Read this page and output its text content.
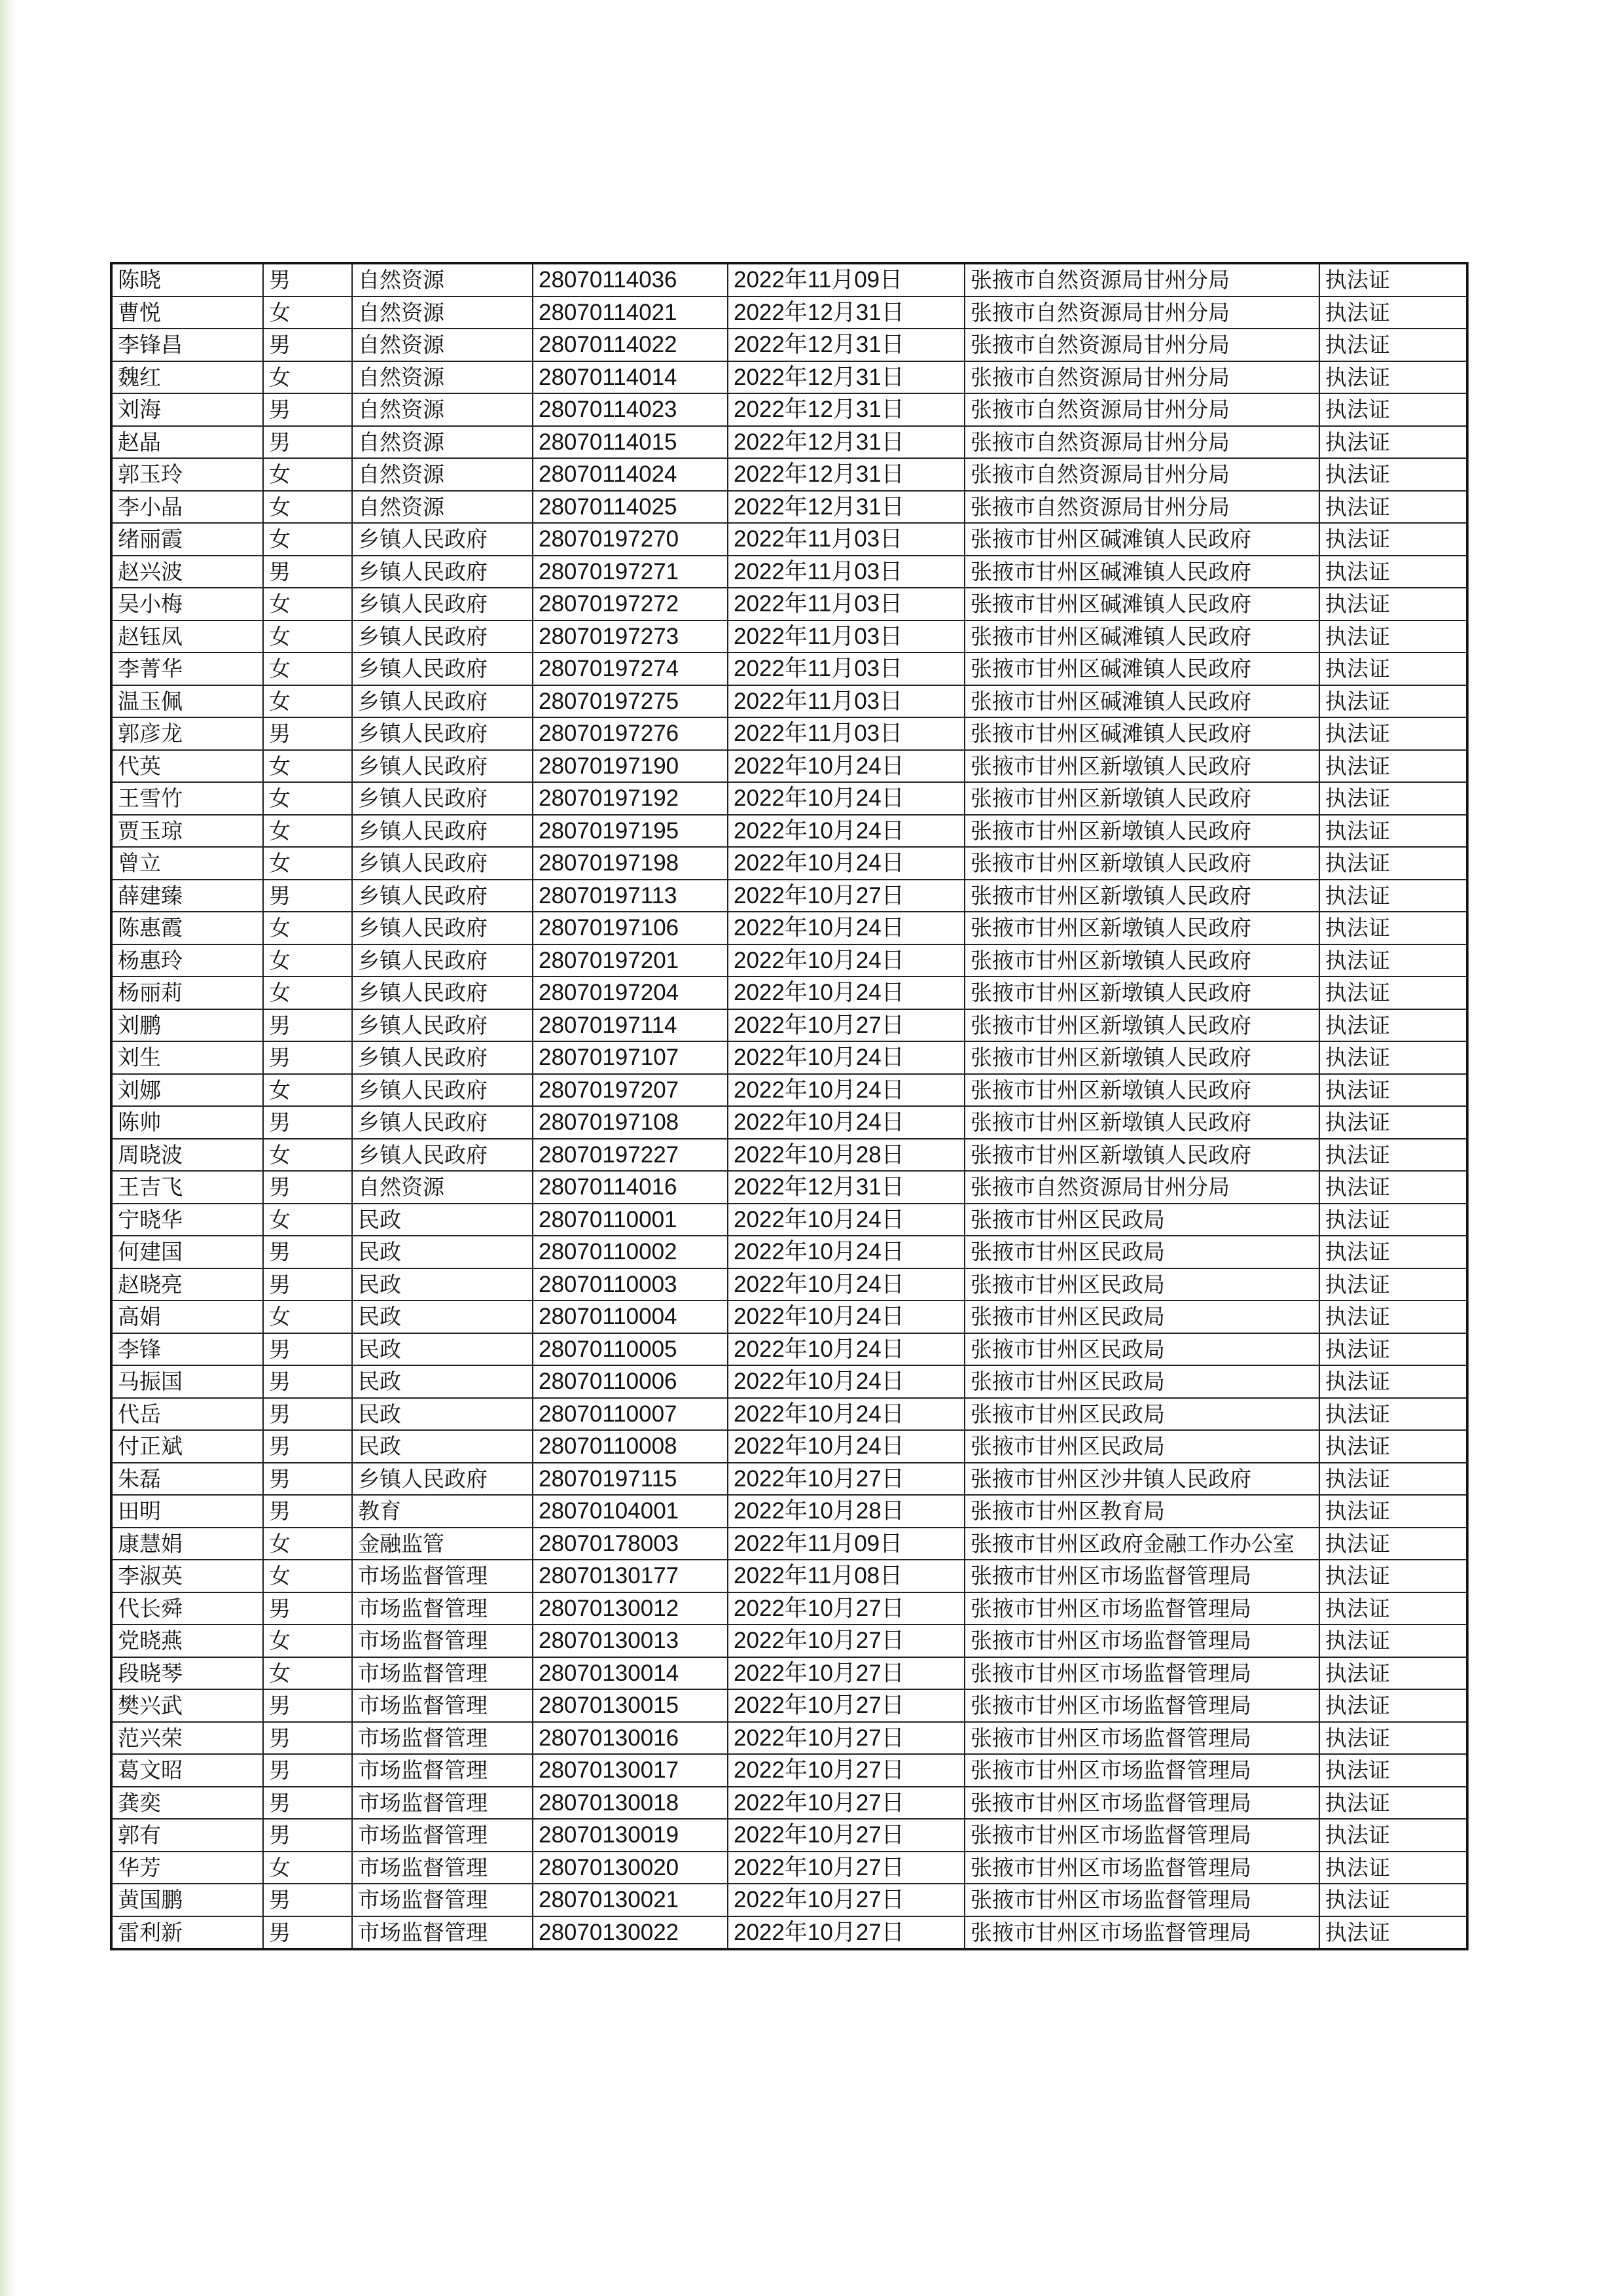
陈晓	男	自然资源	28070114036	2022年11月09日	张掖市自然资源局甘州分局	执法证
曹悦	女	自然资源	28070114021	2022年12月31日	张掖市自然资源局甘州分局	执法证
李锋昌	男	自然资源	28070114022	2022年12月31日	张掖市自然资源局甘州分局	执法证
魏红	女	自然资源	28070114014	2022年12月31日	张掖市自然资源局甘州分局	执法证
刘海	男	自然资源	28070114023	2022年12月31日	张掖市自然资源局甘州分局	执法证
赵晶	男	自然资源	28070114015	2022年12月31日	张掖市自然资源局甘州分局	执法证
郭玉玲	女	自然资源	28070114024	2022年12月31日	张掖市自然资源局甘州分局	执法证
李小晶	女	自然资源	28070114025	2022年12月31日	张掖市自然资源局甘州分局	执法证
绪丽霞	女	乡镇人民政府	28070197270	2022年11月03日	张掖市甘州区碱滩镇人民政府	执法证
赵兴波	男	乡镇人民政府	28070197271	2022年11月03日	张掖市甘州区碱滩镇人民政府	执法证
吴小梅	女	乡镇人民政府	28070197272	2022年11月03日	张掖市甘州区碱滩镇人民政府	执法证
赵钰凤	女	乡镇人民政府	28070197273	2022年11月03日	张掖市甘州区碱滩镇人民政府	执法证
李菁华	女	乡镇人民政府	28070197274	2022年11月03日	张掖市甘州区碱滩镇人民政府	执法证
温玉佩	女	乡镇人民政府	28070197275	2022年11月03日	张掖市甘州区碱滩镇人民政府	执法证
郭彦龙	男	乡镇人民政府	28070197276	2022年11月03日	张掖市甘州区碱滩镇人民政府	执法证
代英	女	乡镇人民政府	28070197190	2022年10月24日	张掖市甘州区新墩镇人民政府	执法证
王雪竹	女	乡镇人民政府	28070197192	2022年10月24日	张掖市甘州区新墩镇人民政府	执法证
贾玉琼	女	乡镇人民政府	28070197195	2022年10月24日	张掖市甘州区新墩镇人民政府	执法证
曾立	女	乡镇人民政府	28070197198	2022年10月24日	张掖市甘州区新墩镇人民政府	执法证
薛建臻	男	乡镇人民政府	28070197113	2022年10月27日	张掖市甘州区新墩镇人民政府	执法证
陈惠霞	女	乡镇人民政府	28070197106	2022年10月24日	张掖市甘州区新墩镇人民政府	执法证
杨惠玲	女	乡镇人民政府	28070197201	2022年10月24日	张掖市甘州区新墩镇人民政府	执法证
杨丽莉	女	乡镇人民政府	28070197204	2022年10月24日	张掖市甘州区新墩镇人民政府	执法证
刘鹏	男	乡镇人民政府	28070197114	2022年10月27日	张掖市甘州区新墩镇人民政府	执法证
刘生	男	乡镇人民政府	28070197107	2022年10月24日	张掖市甘州区新墩镇人民政府	执法证
刘娜	女	乡镇人民政府	28070197207	2022年10月24日	张掖市甘州区新墩镇人民政府	执法证
陈帅	男	乡镇人民政府	28070197108	2022年10月24日	张掖市甘州区新墩镇人民政府	执法证
周晓波	女	乡镇人民政府	28070197227	2022年10月28日	张掖市甘州区新墩镇人民政府	执法证
王吉飞	男	自然资源	28070114016	2022年12月31日	张掖市自然资源局甘州分局	执法证
宁晓华	女	民政	28070110001	2022年10月24日	张掖市甘州区民政局	执法证
何建国	男	民政	28070110002	2022年10月24日	张掖市甘州区民政局	执法证
赵晓亮	男	民政	28070110003	2022年10月24日	张掖市甘州区民政局	执法证
高娟	女	民政	28070110004	2022年10月24日	张掖市甘州区民政局	执法证
李锋	男	民政	28070110005	2022年10月24日	张掖市甘州区民政局	执法证
马振国	男	民政	28070110006	2022年10月24日	张掖市甘州区民政局	执法证
代岳	男	民政	28070110007	2022年10月24日	张掖市甘州区民政局	执法证
付正斌	男	民政	28070110008	2022年10月24日	张掖市甘州区民政局	执法证
朱磊	男	乡镇人民政府	28070197115	2022年10月27日	张掖市甘州区沙井镇人民政府	执法证
田明	男	教育	28070104001	2022年10月28日	张掖市甘州区教育局	执法证
康慧娟	女	金融监管	28070178003	2022年11月09日	张掖市甘州区政府金融工作办公室	执法证
李淑英	女	市场监督管理	28070130177	2022年11月08日	张掖市甘州区市场监督管理局	执法证
代长舜	男	市场监督管理	28070130012	2022年10月27日	张掖市甘州区市场监督管理局	执法证
党晓燕	女	市场监督管理	28070130013	2022年10月27日	张掖市甘州区市场监督管理局	执法证
段晓琴	女	市场监督管理	28070130014	2022年10月27日	张掖市甘州区市场监督管理局	执法证
樊兴武	男	市场监督管理	28070130015	2022年10月27日	张掖市甘州区市场监督管理局	执法证
范兴荣	男	市场监督管理	28070130016	2022年10月27日	张掖市甘州区市场监督管理局	执法证
葛文昭	男	市场监督管理	28070130017	2022年10月27日	张掖市甘州区市场监督管理局	执法证
龚奕	男	市场监督管理	28070130018	2022年10月27日	张掖市甘州区市场监督管理局	执法证
郭有	男	市场监督管理	28070130019	2022年10月27日	张掖市甘州区市场监督管理局	执法证
华芳	女	市场监督管理	28070130020	2022年10月27日	张掖市甘州区市场监督管理局	执法证
黄国鹏	男	市场监督管理	28070130021	2022年10月27日	张掖市甘州区市场监督管理局	执法证
雷利新	男	市场监督管理	28070130022	2022年10月27日	张掖市甘州区市场监督管理局	执法证
